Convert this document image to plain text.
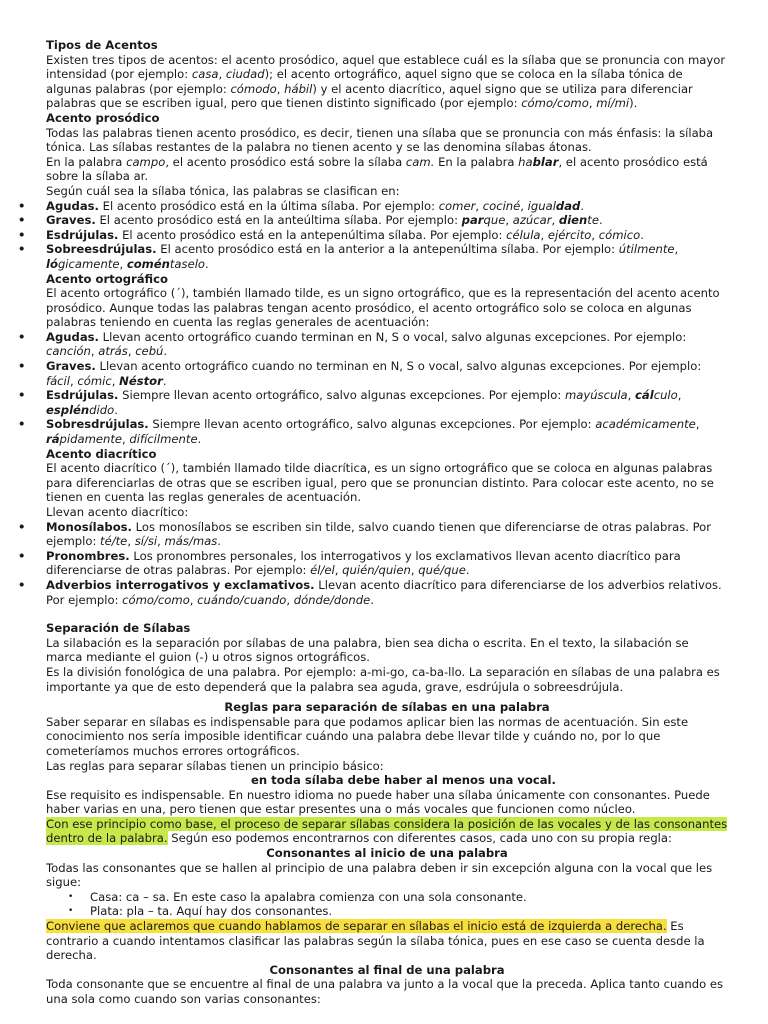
Tipos de Acentos

Existen tres tipos de acentos: el acento prosódico, aquel que establece cuál es la sílaba que se pronuncia con mayor intensidad (por ejemplo: casa, ciudad); el acento ortográfico, aquel signo que se coloca en la sílaba tónica de algunas palabras (por ejemplo: cómodo, hábil) y el acento diacrítico, aquel signo que se utiliza para diferenciar palabras que se escriben igual, pero que tienen distinto significado (por ejemplo: cómo/como, mí/mi).

Acento prosódico

Todas las palabras tienen acento prosódico, es decir, tienen una sílaba que se pronuncia con más énfasis: la sílaba tónica. Las sílabas restantes de la palabra no tienen acento y se las denomina sílabas átonas.

En la palabra campo, el acento prosódico está sobre la sílaba cam. En la palabra hablar, el acento prosódico está sobre la sílaba ar.

Según cuál sea la sílaba tónica, las palabras se clasifican en:

• Agudas. El acento prosódico está en la última sílaba. Por ejemplo: comer, cociné, igualdad.
• Graves. El acento prosódico está en la anteúltima sílaba. Por ejemplo: parque, azúcar, diente.
• Esdrújulas. El acento prosódico está en la antepenúltima sílaba. Por ejemplo: célula, ejército, cómico.
• Sobreesdrújulas. El acento prosódico está en la anterior a la antepenúltima sílaba. Por ejemplo: útilmente, lógicamente, coméntaselo.

Acento ortográfico

El acento ortográfico (´), también llamado tilde, es un signo ortográfico, que es la representación del acento acento prosódico. Aunque todas las palabras tengan acento prosódico, el acento ortográfico solo se coloca en algunas palabras teniendo en cuenta las reglas generales de acentuación:

• Agudas. Llevan acento ortográfico cuando terminan en N, S o vocal, salvo algunas excepciones. Por ejemplo: canción, atrás, cebú.
• Graves. Llevan acento ortográfico cuando no terminan en N, S o vocal, salvo algunas excepciones. Por ejemplo: fácil, cómic, Néstor.
• Esdrújulas. Siempre llevan acento ortográfico, salvo algunas excepciones. Por ejemplo: mayúscula, cálculo, espléndido.
• Sobresdrújulas. Siempre llevan acento ortográfico, salvo algunas excepciones. Por ejemplo: académicamente, rápidamente, difícilmente.

Acento diacrítico

El acento diacrítico (´), también llamado tilde diacrítica, es un signo ortográfico que se coloca en algunas palabras para diferenciarlas de otras que se escriben igual, pero que se pronuncian distinto. Para colocar este acento, no se tienen en cuenta las reglas generales de acentuación.

Llevan acento diacrítico:

• Monosílabos. Los monosílabos se escriben sin tilde, salvo cuando tienen que diferenciarse de otras palabras. Por ejemplo: té/te, sí/si, más/mas.
• Pronombres. Los pronombres personales, los interrogativos y los exclamativos llevan acento diacrítico para diferenciarse de otras palabras. Por ejemplo: él/el, quién/quien, qué/que.
• Adverbios interrogativos y exclamativos. Llevan acento diacrítico para diferenciarse de los adverbios relativos. Por ejemplo: cómo/como, cuándo/cuando, dónde/donde.

Separación de Sílabas

La silabación es la separación por sílabas de una palabra, bien sea dicha o escrita. En el texto, la silabación se marca mediante el guion (-) u otros signos ortográficos.

Es la división fonológica de una palabra. Por ejemplo: a-mi-go, ca-ba-llo. La separación en sílabas de una palabra es importante ya que de esto dependerá que la palabra sea aguda, grave, esdrújula o sobreesdrújula.

Reglas para separación de sílabas en una palabra

Saber separar en sílabas es indispensable para que podamos aplicar bien las normas de acentuación. Sin este conocimiento nos sería imposible identificar cuándo una palabra debe llevar tilde y cuándo no, por lo que cometeríamos muchos errores ortográficos.

Las reglas para separar sílabas tienen un principio básico:

en toda sílaba debe haber al menos una vocal.

Ese requisito es indispensable. En nuestro idioma no puede haber una sílaba únicamente con consonantes. Puede haber varias en una, pero tienen que estar presentes una o más vocales que funcionen como núcleo.

Con ese principio como base, el proceso de separar sílabas considera la posición de las vocales y de las consonantes dentro de la palabra. Según eso podemos encontrarnos con diferentes casos, cada uno con su propia regla:

Consonantes al inicio de una palabra

Todas las consonantes que se hallen al principio de una palabra deben ir sin excepción alguna con la vocal que les sigue:

• Casa: ca – sa. En este caso la apalabra comienza con una sola consonante.
• Plata: pla – ta. Aquí hay dos consonantes.

Conviene que aclaremos que cuando hablamos de separar en sílabas el inicio está de izquierda a derecha. Es contrario a cuando intentamos clasificar las palabras según la sílaba tónica, pues en ese caso se cuenta desde la derecha.

Consonantes al final de una palabra

Toda consonante que se encuentre al final de una palabra va junto a la vocal que la preceda. Aplica tanto cuando es una sola como cuando son varias consonantes:
